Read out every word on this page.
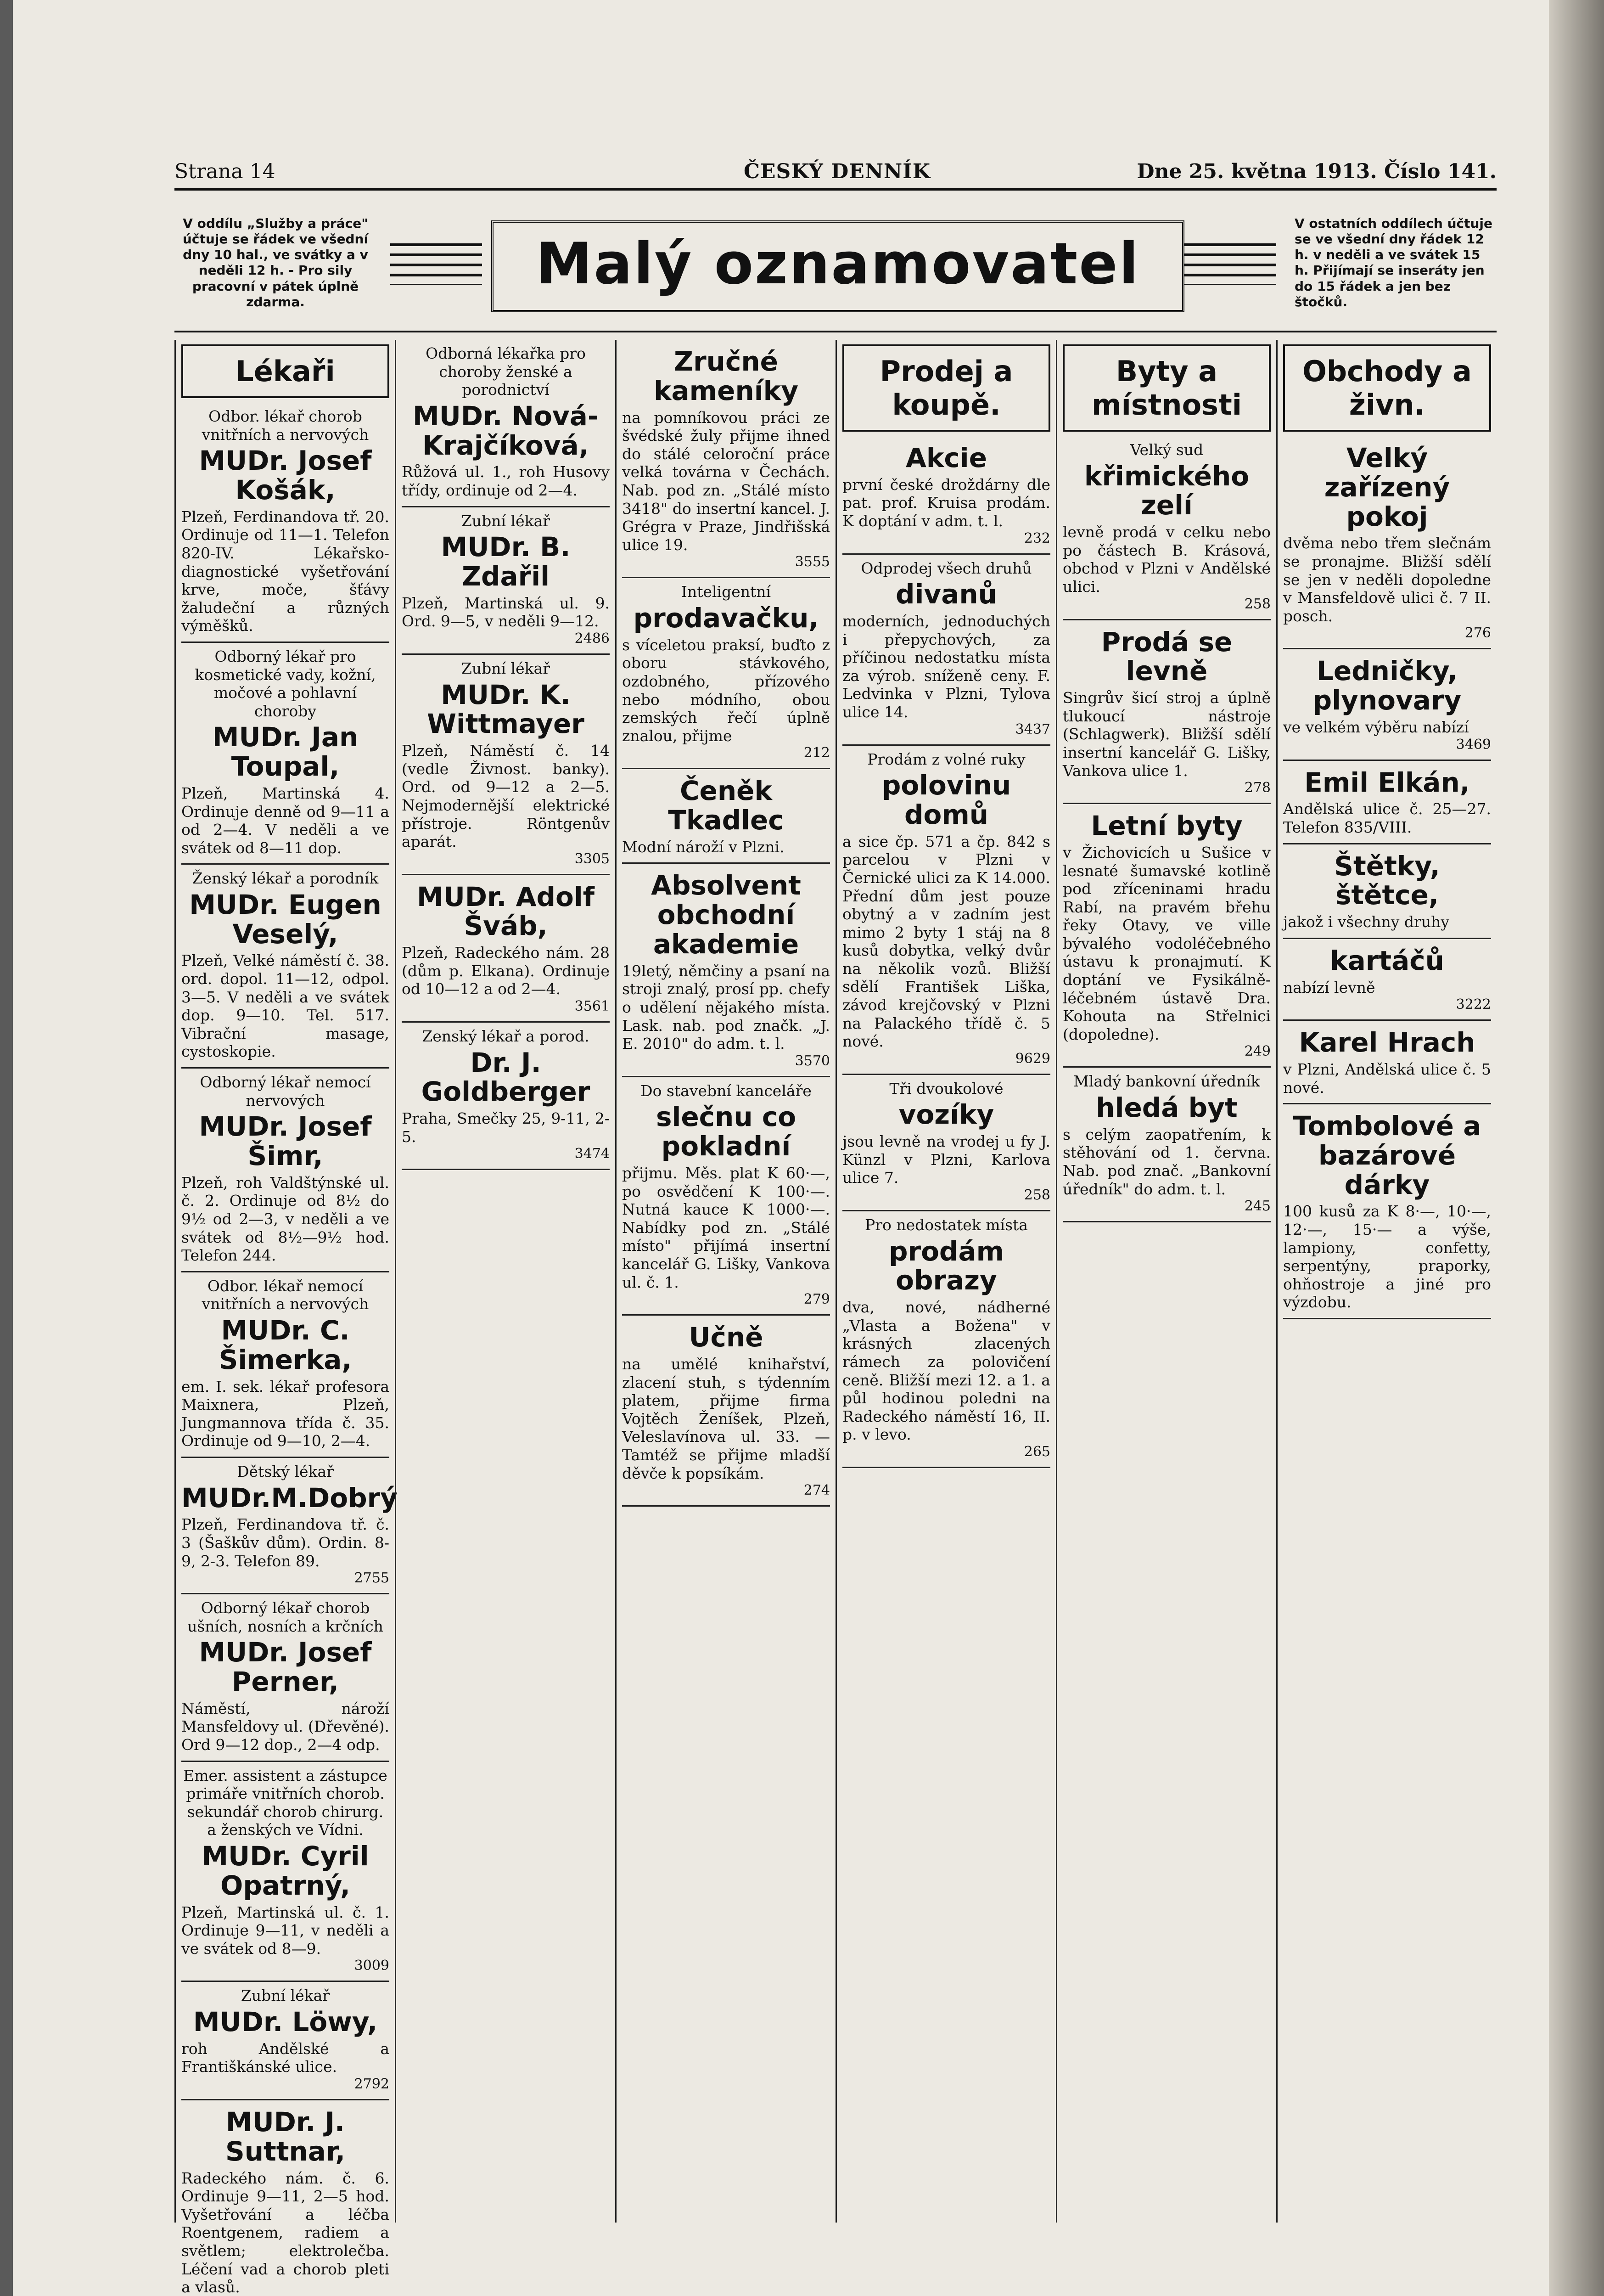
Strana 14	ČESKÝ DENNÍK	Dne 25. května 1913. Číslo 141.
V oddílu „Služby a práce" účtuje se řádek ve všední dny 10 hal., ve svátky a v neděli 12 h. - Pro sily pracovní v pátek úplně zdarma.
Malý oznamovatel
V ostatních oddílech účtuje se ve všední dny řádek 12 h. v neděli a ve svátek 15 h. Přijímají se inseráty jen do 15 řádek a jen bez štočků.
Lékaři
Odbor. lékař chorob vnitřních a nervových
MUDr. Josef Košák,
Plzeň, Ferdinandova tř. 20. Ordinuje od 11—1. Telefon 820-IV. Lékařsko-diagnostické vyšetřování krve, moče, šťávy žaludeční a různých výměšků.
Odborný lékař pro kosmetické vady, kožní, močové a pohlavní choroby
MUDr. Jan Toupal,
Plzeň, Martinská 4. Ordinuje denně od 9—11 a od 2—4. V neděli a ve svátek od 8—11 dop.
Ženský lékař a porodník
MUDr. Eugen Veselý,
Plzeň, Velké náměstí č. 38. ord. dopol. 11—12, odpol. 3—5. V neděli a ve svátek dop. 9—10. Tel. 517. Vibrační masage, cystoskopie.
Odborný lékař nemocí nervových
MUDr. Josef Šimr,
Plzeň, roh Valdštýnské ul. č. 2. Ordinuje od 8½ do 9½ od 2—3, v neděli a ve svátek od 8½—9½ hod. Telefon 244.
Odbor. lékař nemocí vnitřních a nervových
MUDr. C. Šimerka,
em. I. sek. lékař profesora Maixnera, Plzeň, Jungmannova třída č. 35. Ordinuje od 9—10, 2—4.
Dětský lékař
MUDr.M.Dobrý
Plzeň, Ferdinandova tř. č. 3 (Šaškův dům). Ordin. 8-9, 2-3. Telefon 89.
2755
Odborný lékař chorob ušních, nosních a krčních
MUDr. Josef Perner,
Náměstí, nároží Mansfeldovy ul. (Dřevěné). Ord 9—12 dop., 2—4 odp.
Emer. assistent a zástupce primáře vnitřních chorob. sekundář chorob chirurg. a ženských ve Vídni.
MUDr. Cyril Opatrný,
Plzeň, Martinská ul. č. 1. Ordinuje 9—11, v neděli a ve svátek od 8—9.
3009
Zubní lékař
MUDr. Löwy,
roh Andělské a Františkánské ulice.
2792
MUDr. J. Suttnar,
Radeckého nám. č. 6. Ordinuje 9—11, 2—5 hod. Vyšetřování a léčba Roentgenem, radiem a světlem; elektrolečba. Léčení vad a chorob pleti a vlasů.
Odborná lékařka pro choroby ženské a porodnictví
MUDr. Nová-Krajčíková,
Růžová ul. 1., roh Husovy třídy, ordinuje od 2—4.
Zubní lékař
MUDr. B. Zdařil
Plzeň, Martinská ul. 9. Ord. 9—5, v neděli 9—12.
2486
Zubní lékař
MUDr. K. Wittmayer
Plzeň, Náměstí č. 14 (vedle Živnost. banky). Ord. od 9—12 a 2—5. Nejmodernější elektrické přístroje. Röntgenův aparát.
3305
MUDr. Adolf Šváb,
Plzeň, Radeckého nám. 28 (dům p. Elkana). Ordinuje od 10—12 a od 2—4.
3561
Zenský lékař a porod.
Dr. J. Goldberger
Praha, Smečky 25, 9-11, 2-5.
3474
Zručné kameníky
na pomníkovou práci ze švédské žuly přijme ihned do stálé celoroční práce velká továrna v Čechách. Nab. pod zn. „Stálé místo 3418" do insertní kancel. J. Grégra v Praze, Jindřišská ulice 19.
3555
Inteligentní
prodavačku,
s víceletou praksí, buďto z oboru stávkového, ozdobného, přízového nebo módního, obou zemských řečí úplně znalou, přijme
212
Čeněk Tkadlec
Modní nároží v Plzni.
Absolvent obchodní akademie
19letý, němčiny a psaní na stroji znalý, prosí pp. chefy o udělení nějakého místa. Lask. nab. pod značk. „J. E. 2010" do adm. t. l.
3570
Do stavební kanceláře
slečnu co pokladní
přijmu. Měs. plat K 60·—, po osvědčení K 100·—. Nutná kauce K 1000·—. Nabídky pod zn. „Stálé místo" přijímá insertní kancelář G. Lišky, Vankova ul. č. 1.
279
Učně
na umělé knihařství, zlacení stuh, s týdenním platem, přijme firma Vojtěch Ženíšek, Plzeň, Veleslavínova ul. 33. — Tamtéž se přijme mladší děvče k popsíkám.
274
Prodej a koupě.
Akcie
první české droždárny dle pat. prof. Kruisa prodám. K doptání v adm. t. l.
232
Odprodej všech druhů
divanů
moderních, jednoduchých i přepychových, za příčinou nedostatku místa za výrob. sníženě ceny. F. Ledvinka v Plzni, Tylova ulice 14.
3437
Prodám z volné ruky
polovinu domů
a sice čp. 571 a čp. 842 s parcelou v Plzni v Černické ulici za K 14.000. Přední dům jest pouze obytný a v zadním jest mimo 2 byty 1 stáj na 8 kusů dobytka, velký dvůr na několik vozů. Bližší sdělí František Liška, závod krejčovský v Plzni na Palackého třídě č. 5 nové.
9629
Tři dvoukolové
vozíky
jsou levně na vrodej u fy J. Künzl v Plzni, Karlova ulice 7.
258
Pro nedostatek místa
prodám obrazy
dva, nové, nádherné „Vlasta a Božena" v krásných zlacených rámech za polovičení ceně. Bližší mezi 12. a 1. a půl hodinou poledni na Radeckého náměstí 16, II. p. v levo.
265
Byty a místnosti
Velký sud
křimického zelí
levně prodá v celku nebo po částech B. Krásová, obchod v Plzni v Andělské ulici.
258
Prodá se levně
Singrův šicí stroj a úplně tlukoucí nástroje (Schlagwerk). Bližší sdělí insertní kancelář G. Lišky, Vankova ulice 1.
278
Letní byty
v Žichovicích u Sušice v lesnaté šumavské kotlině pod zříceninami hradu Rabí, na pravém břehu řeky Otavy, ve ville bývalého vodoléčebného ústavu k pronajmutí. K doptání ve Fysikálně-léčebném ústavě Dra. Kohouta na Střelnici (dopoledne).
249
Mladý bankovní úředník
hledá byt
s celým zaopatřením, k stěhování od 1. června. Nab. pod znač. „Bankovní úředník" do adm. t. l.
245
Obchody a živn.
Velký zařízený pokoj
dvěma nebo třem slečnám se pronajme. Bližší sdělí se jen v neděli dopoledne v Mansfeldově ulici č. 7 II. posch.
276
Ledničky, plynovary
ve velkém výběru nabízí
3469
Emil Elkán,
Andělská ulice č. 25—27. Telefon 835/VIII.
Štětky, štětce,
jakož i všechny druhy
kartáčů
nabízí levně
3222
Karel Hrach
v Plzni, Andělská ulice č. 5 nové.
Tombolové a bazárové dárky
100 kusů za K 8·—, 10·—, 12·—, 15·— a výše, lampiony, confetty, serpentýny, praporky, ohňostroje a jiné pro výzdobu.
